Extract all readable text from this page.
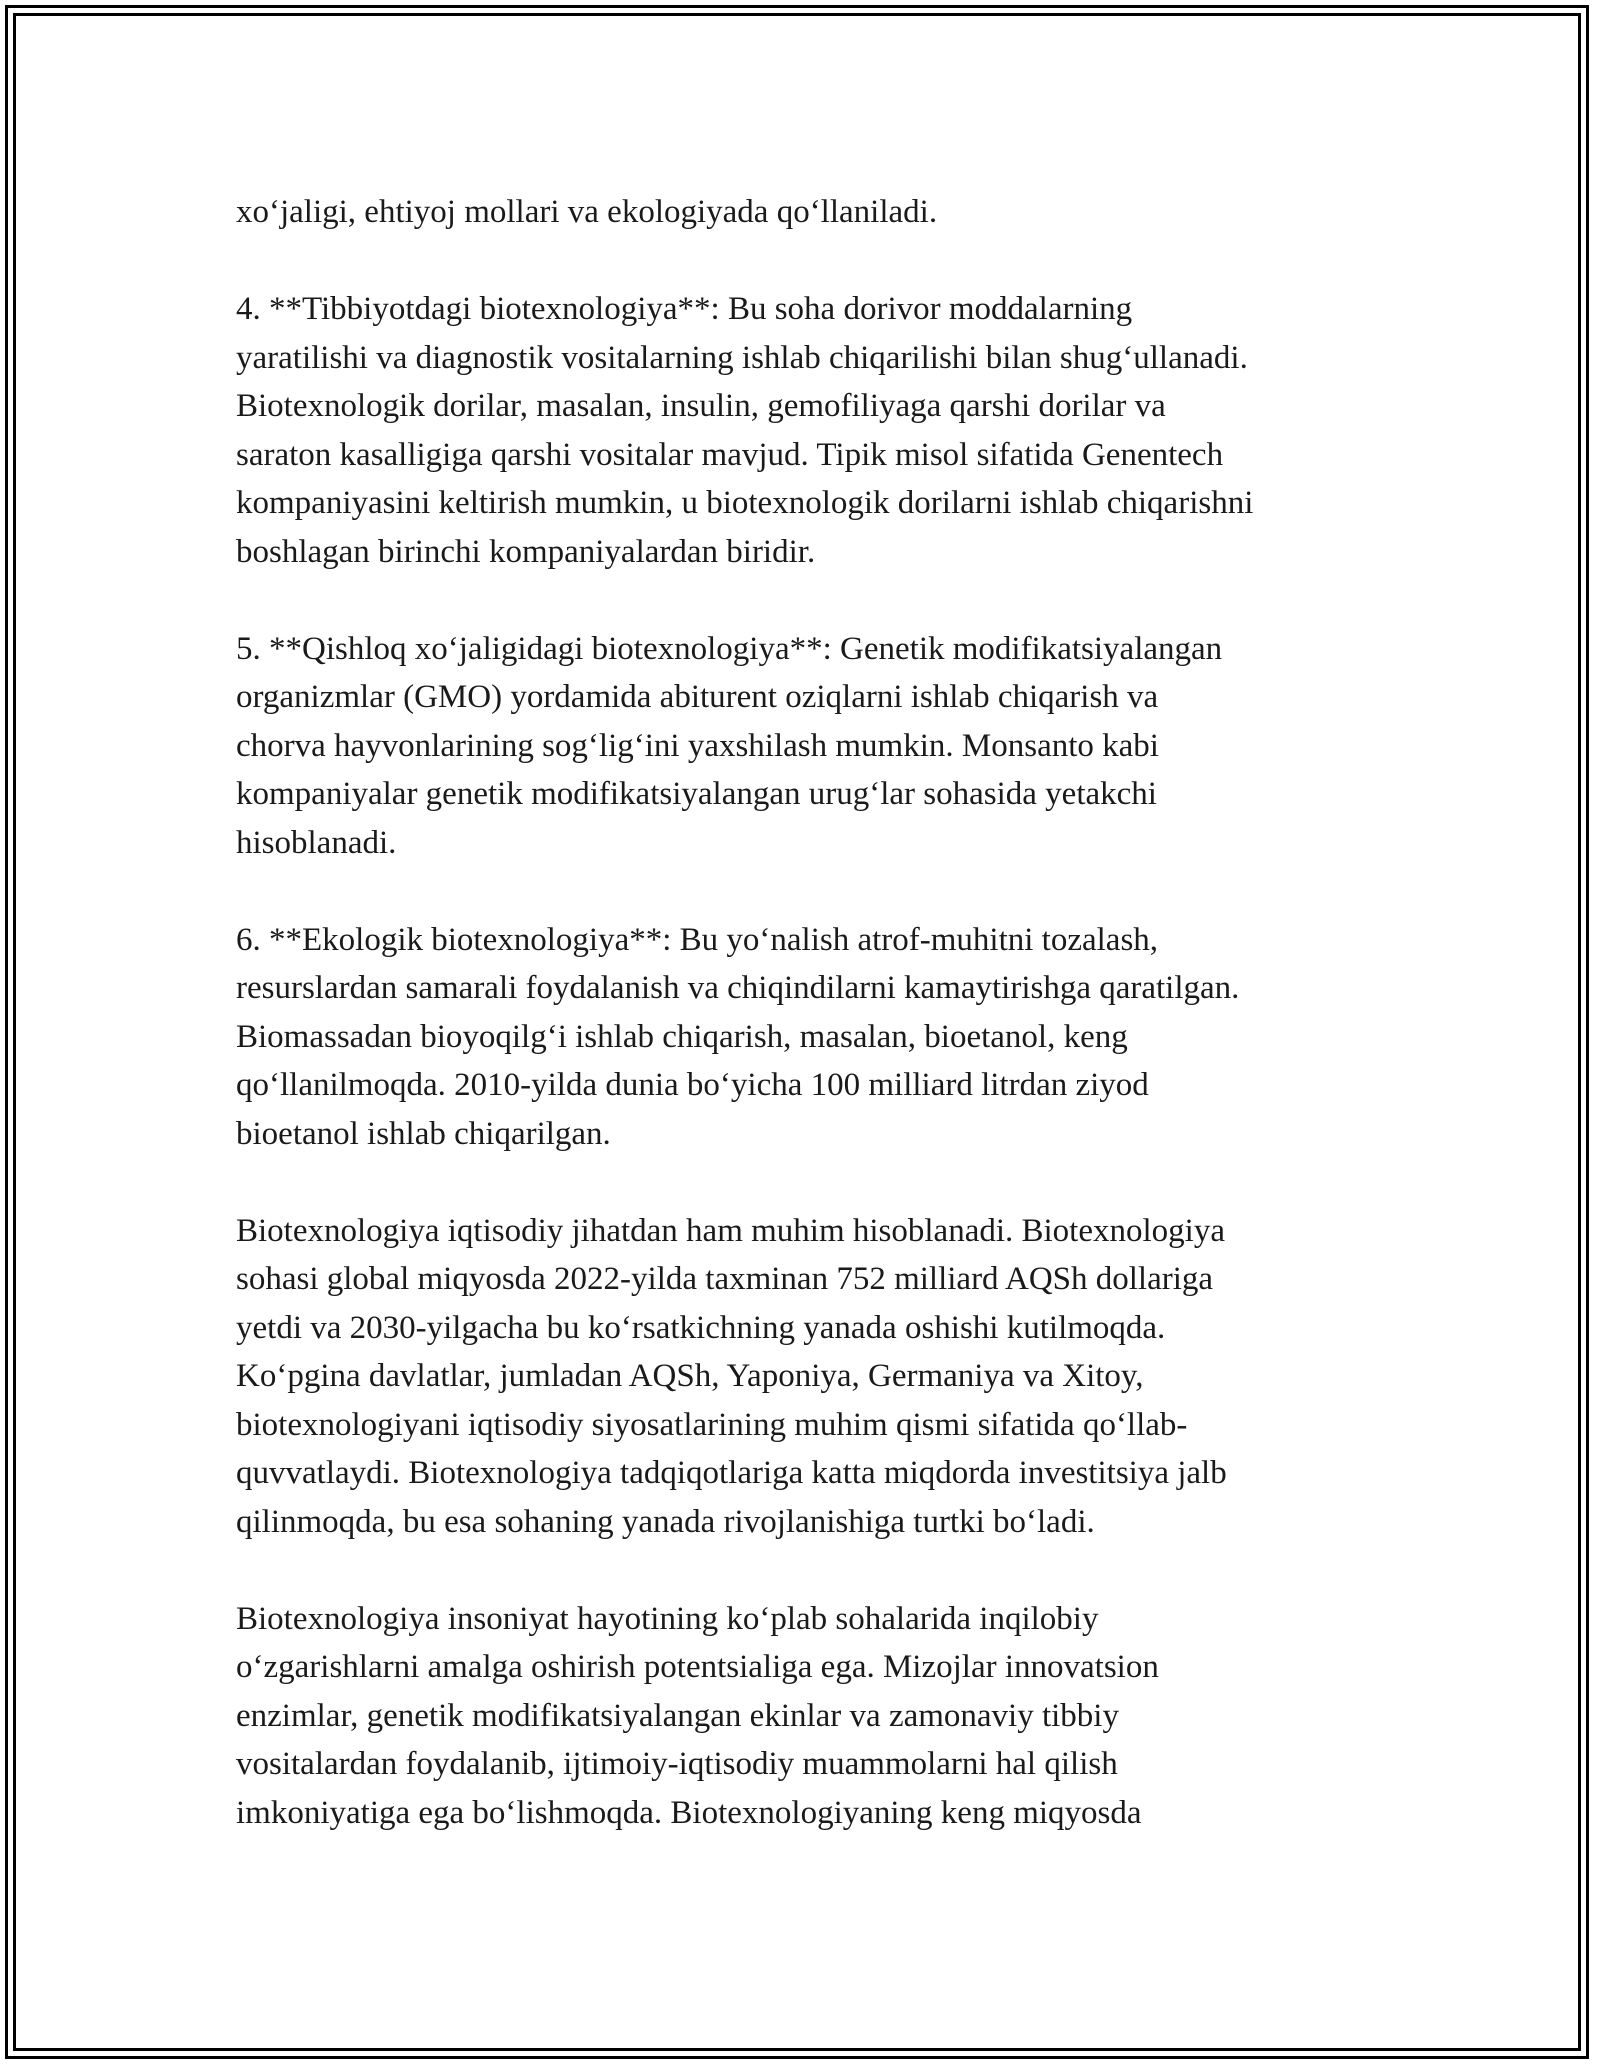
xo‘jaligi, ehtiyoj mollari va ekologiyada qo‘llaniladi.

4. **Tibbiyotdagi biotexnologiya**: Bu soha dorivor moddalarning
yaratilishi va diagnostik vositalarning ishlab chiqarilishi bilan shug‘ullanadi.
Biotexnologik dorilar, masalan, insulin, gemofiliyaga qarshi dorilar va
saraton kasalligiga qarshi vositalar mavjud. Tipik misol sifatida Genentech
kompaniyasini keltirish mumkin, u biotexnologik dorilarni ishlab chiqarishni
boshlagan birinchi kompaniyalardan biridir.

5. **Qishloq xo‘jaligidagi biotexnologiya**: Genetik modifikatsiyalangan
organizmlar (GMO) yordamida abiturent oziqlarni ishlab chiqarish va
chorva hayvonlarining sog‘lig‘ini yaxshilash mumkin. Monsanto kabi
kompaniyalar genetik modifikatsiyalangan urug‘lar sohasida yetakchi
hisoblanadi.

6. **Ekologik biotexnologiya**: Bu yo‘nalish atrof-muhitni tozalash,
resurslardan samarali foydalanish va chiqindilarni kamaytirishga qaratilgan.
Biomassadan bioyoqilg‘i ishlab chiqarish, masalan, bioetanol, keng
qo‘llanilmoqda. 2010-yilda dunia bo‘yicha 100 milliard litrdan ziyod
bioetanol ishlab chiqarilgan.

Biotexnologiya iqtisodiy jihatdan ham muhim hisoblanadi. Biotexnologiya
sohasi global miqyosda 2022-yilda taxminan 752 milliard AQSh dollariga
yetdi va 2030-yilgacha bu ko‘rsatkichning yanada oshishi kutilmoqda.
Ko‘pgina davlatlar, jumladan AQSh, Yaponiya, Germaniya va Xitoy,
biotexnologiyani iqtisodiy siyosatlarining muhim qismi sifatida qo‘llab-
quvvatlaydi. Biotexnologiya tadqiqotlariga katta miqdorda investitsiya jalb
qilinmoqda, bu esa sohaning yanada rivojlanishiga turtki bo‘ladi.

Biotexnologiya insoniyat hayotining ko‘plab sohalarida inqilobiy
o‘zgarishlarni amalga oshirish potentsialiga ega. Mizojlar innovatsion
enzimlar, genetik modifikatsiyalangan ekinlar va zamonaviy tibbiy
vositalardan foydalanib, ijtimoiy-iqtisodiy muammolarni hal qilish
imkoniyatiga ega bo‘lishmoqda. Biotexnologiyaning keng miqyosda
